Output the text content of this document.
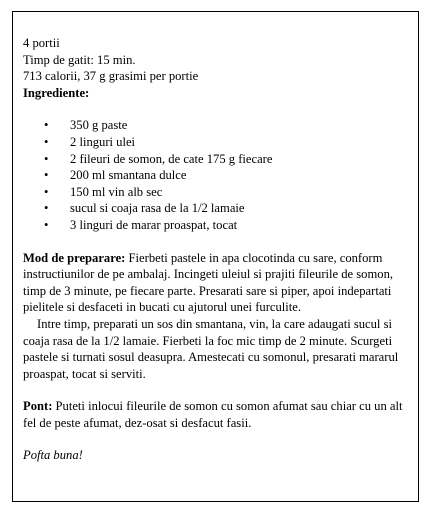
4 portii
Timp de gatit: 15 min.
713 calorii, 37 g grasimi per portie
Ingrediente:
• 350 g paste
• 2 linguri ulei
• 2 fileuri de somon, de cate 175 g fiecare
• 200 ml smantana dulce
• 150 ml vin alb sec
• sucul si coaja rasa de la 1/2 lamaie
• 3 linguri de marar proaspat, tocat

Mod de preparare: Fierbeti pastele in apa clocotinda cu sare, conform instructiunilor de pe ambalaj. Incingeti uleiul si prajiti fileurile de somon, timp de 3 minute, pe fiecare parte. Presarati sare si piper, apoi indepartati pielitele si desfaceti in bucati cu ajutorul unei furculite.

Intre timp, preparati un sos din smantana, vin, la care adaugati sucul si coaja rasa de la 1/2 lamaie. Fierbeti la foc mic timp de 2 minute. Scurgeti pastele si turnati sosul deasupra. Amestecati cu somonul, presarati mararul proaspat, tocat si serviti.

Pont: Puteti inlocui fileurile de somon cu somon afumat sau chiar cu un alt fel de peste afumat, dez-osat si desfacut fasii.

Pofta buna!
